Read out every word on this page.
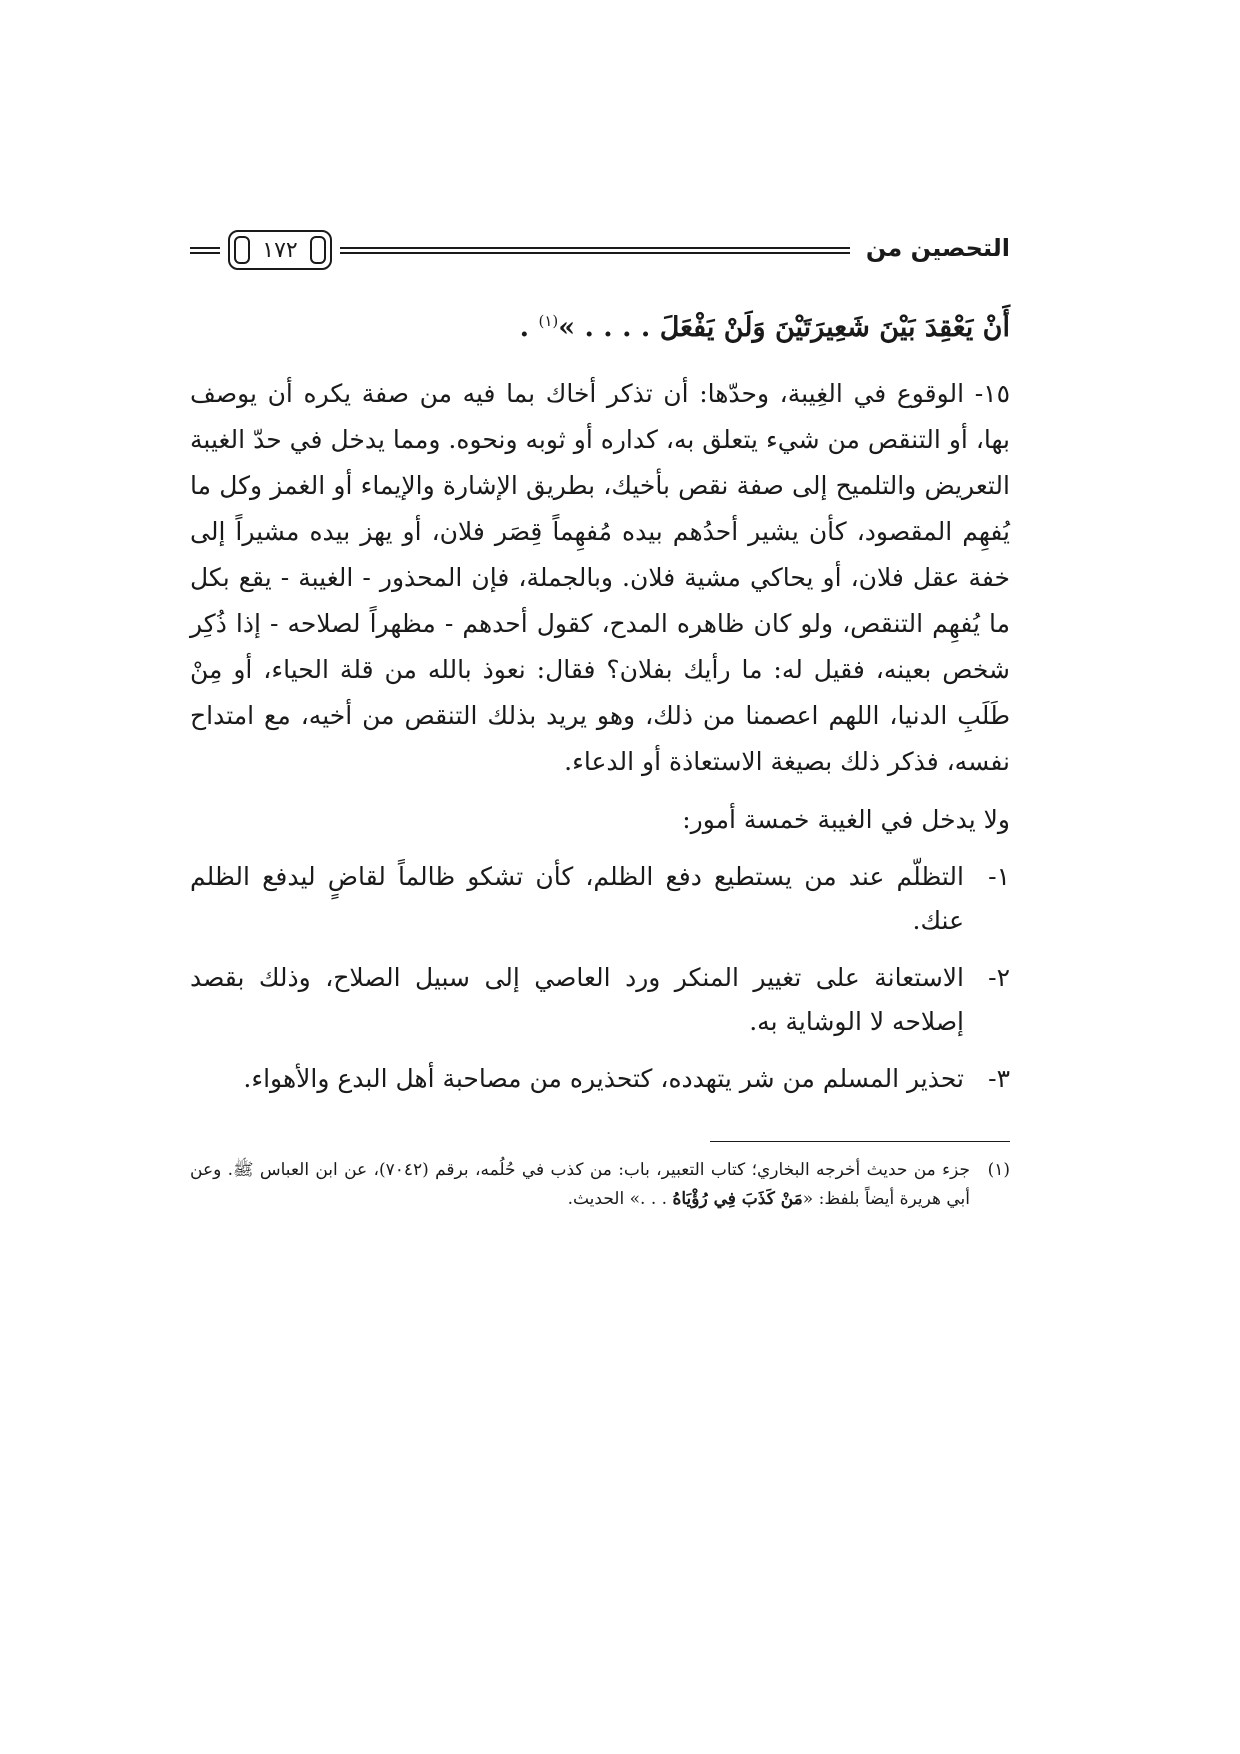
التحصين من
١٧٢

أَنْ يَعْقِدَ بَيْنَ شَعِيرَتَيْنَ وَلَنْ يَفْعَلَ . . . . »$^{(١)}$ .

١٥- الوقوع في الغِيبة، وحدّها: أن تذكر أخاك بما فيه من صفة يكره أن يوصف بها، أو التنقص من شيء يتعلق به، كداره أو ثوبه ونحوه. ومما يدخل في حدّ الغيبة التعريض والتلميح إلى صفة نقص بأخيك، بطريق الإشارة والإيماء أو الغمز وكل ما يُفهِم المقصود، كأن يشير أحدُهم بيده مُفهِماً قِصَر فلان، أو يهز بيده مشيراً إلى خفة عقل فلان، أو يحاكي مشية فلان. وبالجملة، فإن المحذور - الغيبة - يقع بكل ما يُفهِم التنقص، ولو كان ظاهره المدح، كقول أحدهم - مظهراً لصلاحه - إذا ذُكِر شخص بعينه، فقيل له: ما رأيك بفلان؟ فقال: نعوذ بالله من قلة الحياء، أو مِنْ طَلَبِ الدنيا، اللهم اعصمنا من ذلك، وهو يريد بذلك التنقص من أخيه، مع امتداح نفسه، فذكر ذلك بصيغة الاستعاذة أو الدعاء.

ولا يدخل في الغيبة خمسة أمور:

١-
التظلّم عند من يستطيع دفع الظلم، كأن تشكو ظالماً لقاضٍ ليدفع الظلم عنك.
٢-
الاستعانة على تغيير المنكر ورد العاصي إلى سبيل الصلاح، وذلك بقصد إصلاحه لا الوشاية به.
٣-
تحذير المسلم من شر يتهدده، كتحذيره من مصاحبة أهل البدع والأهواء.
(١)
جزء من حديث أخرجه البخاري؛ كتاب التعبير، باب: من كذب في حُلُمه، برقم (٧٠٤٢)، عن ابن العباس ﷺ. وعن أبي هريرة أيضاً بلفظ: «مَنْ كَذَبَ فِي رُؤْيَاهُ . . .» الحديث.
